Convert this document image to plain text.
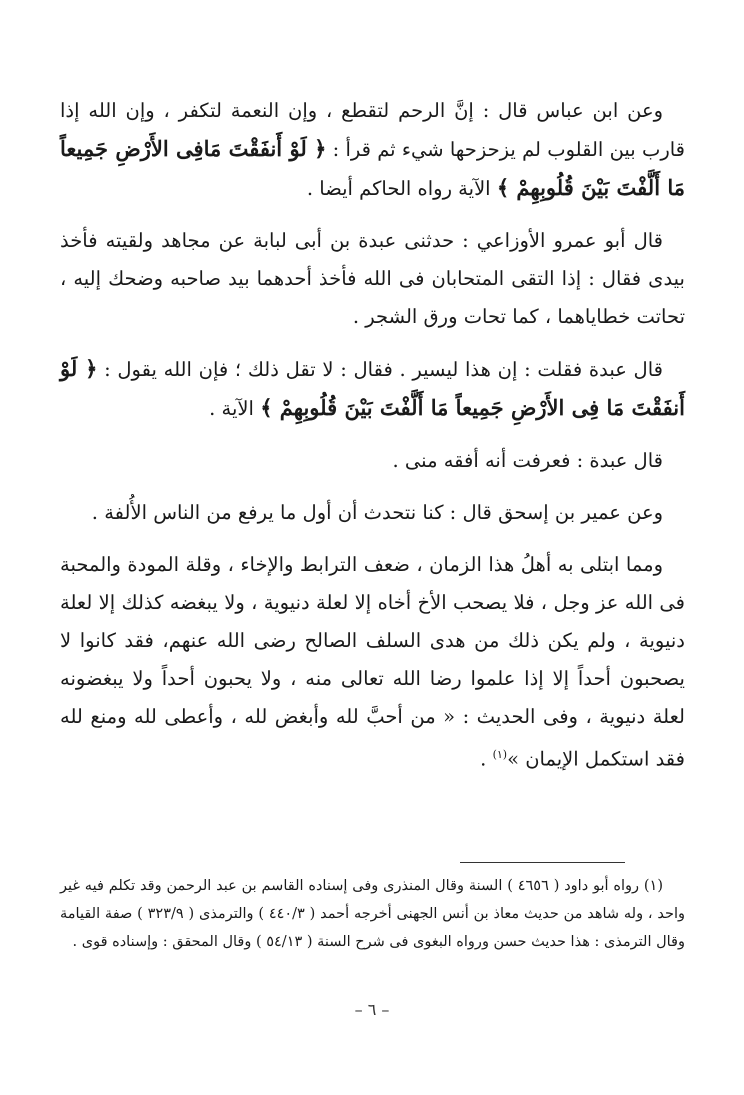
وعن ابن عباس قال : إنَّ الرحم لتقطع ، وإن النعمة لتكفر ، وإن الله إذا قارب بين القلوب لم يزحزحها شيء ثم قرأ : ﴿ لَوْ أَنفَقْتَ مَافِى الأَرْضِ جَمِيعاً مَا أَلَّفْتَ بَيْنَ قُلُوبِهِمْ ﴾ الآية رواه الحاكم أيضا .

قال أبو عمرو الأوزاعي : حدثنى عبدة بن أبى لبابة عن مجاهد ولقيته فأخذ بيدى فقال : إذا التقى المتحابان فى الله فأخذ أحدهما بيد صاحبه وضحك إليه ، تحاتت خطاياهما ، كما تحات ورق الشجر .

قال عبدة فقلت : إن هذا ليسير . فقال : لا تقل ذلك ؛ فإن الله يقول : ﴿ لَوْ أَنفَقْتَ مَا فِى الأَرْضِ جَمِيعاً مَا أَلَّفْتَ بَيْنَ قُلُوبِهِمْ ﴾ الآية .

قال عبدة : فعرفت أنه أفقه منى .

وعن عمير بن إسحق قال : كنا نتحدث أن أول ما يرفع من الناس الأُلفة .

ومما ابتلى به أهلُ هذا الزمان ، ضعف الترابط والإخاء ، وقلة المودة والمحبة فى الله عز وجل ، فلا يصحب الأخ أخاه إلا لعلة دنيوية ، ولا يبغضه كذلك إلا لعلة دنيوية ، ولم يكن ذلك من هدى السلف الصالح رضى الله عنهم، فقد كانوا لا يصحبون أحداً إلا إذا علموا رضا الله تعالى منه ، ولا يحبون أحداً ولا يبغضونه لعلة دنيوية ، وفى الحديث : « من أحبَّ لله وأبغض لله ، وأعطى لله ومنع لله فقد استكمل الإيمان »$^{(١)}$ .

(١) رواه أبو داود ( ٤٦٥٦ ) السنة وقال المنذرى وفى إسناده القاسم بن عبد الرحمن وقد تكلم فيه غير واحد ، وله شاهد من حديث معاذ بن أنس الجهنى أخرجه أحمد ( ٤٤٠/٣ ) والترمذى ( ٣٢٣/٩ ) صفة القيامة وقال الترمذى : هذا حديث حسن ورواه البغوى فى شرح السنة ( ٥٤/١٣ ) وقال المحقق : وإسناده قوى .

– ٦ –
